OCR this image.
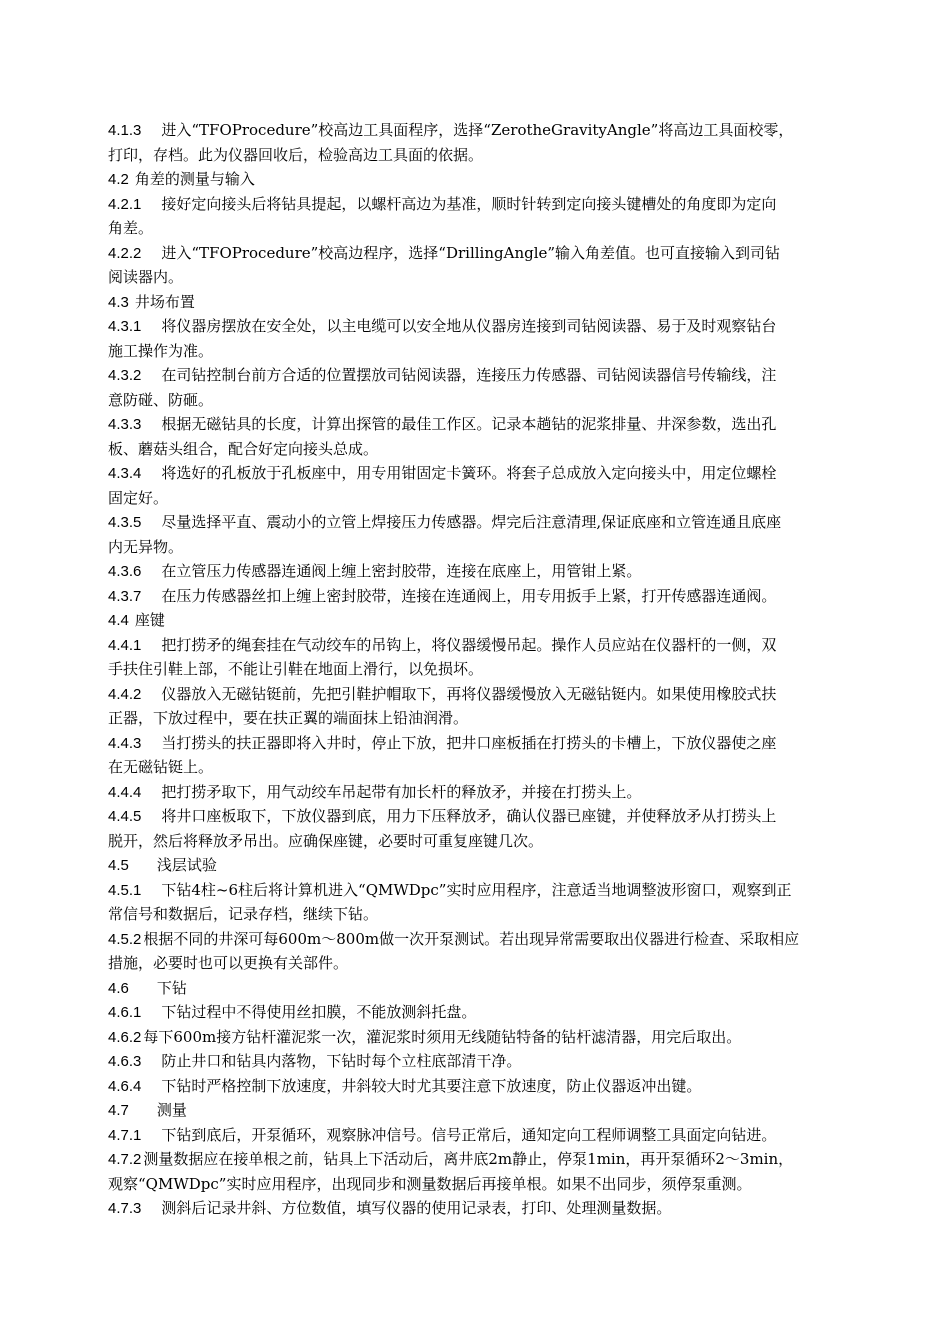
4.1.3 进入“TFOProcedure”校高边工具面程序，选择“ZerotheGravityAngle”将高边工具面校零，
打印，存档。此为仪器回收后，检验高边工具面的依据。
4.2 角差的测量与输入
4.2.1 接好定向接头后将钻具提起，以螺杆高边为基准，顺时针转到定向接头键槽处的角度即为定向
角差。
4.2.2 进入“TFOProcedure”校高边程序，选择“DrillingAngle”输入角差值。也可直接输入到司钻
阅读器内。
4.3 井场布置
4.3.1 将仪器房摆放在安全处，以主电缆可以安全地从仪器房连接到司钻阅读器、易于及时观察钻台
施工操作为准。
4.3.2 在司钻控制台前方合适的位置摆放司钻阅读器，连接压力传感器、司钻阅读器信号传输线，注
意防碰、防砸。
4.3.3 根据无磁钻具的长度，计算出探管的最佳工作区。记录本趟钻的泥浆排量、井深参数，选出孔
板、蘑菇头组合，配合好定向接头总成。
4.3.4 将选好的孔板放于孔板座中，用专用钳固定卡簧环。将套子总成放入定向接头中，用定位螺栓
固定好。
4.3.5 尽量选择平直、震动小的立管上焊接压力传感器。焊完后注意清理,保证底座和立管连通且底座
内无异物。
4.3.6 在立管压力传感器连通阀上缠上密封胶带，连接在底座上，用管钳上紧。
4.3.7 在压力传感器丝扣上缠上密封胶带，连接在连通阀上，用专用扳手上紧，打开传感器连通阀。
4.4 座键
4.4.1 把打捞矛的绳套挂在气动绞车的吊钩上，将仪器缓慢吊起。操作人员应站在仪器杆的一侧，双
手扶住引鞋上部，不能让引鞋在地面上滑行，以免损坏。
4.4.2 仪器放入无磁钻铤前，先把引鞋护帽取下，再将仪器缓慢放入无磁钻铤内。如果使用橡胶式扶
正器，下放过程中，要在扶正翼的端面抹上铅油润滑。
4.4.3 当打捞头的扶正器即将入井时，停止下放，把井口座板插在打捞头的卡槽上，下放仪器使之座
在无磁钻铤上。
4.4.4 把打捞矛取下，用气动绞车吊起带有加长杆的释放矛，并接在打捞头上。
4.4.5 将井口座板取下，下放仪器到底，用力下压释放矛，确认仪器已座键，并使释放矛从打捞头上
脱开，然后将释放矛吊出。应确保座键，必要时可重复座键几次。
4.5 浅层试验
4.5.1 下钻4柱~6柱后将计算机进入“QMWDpc”实时应用程序，注意适当地调整波形窗口，观察到正
常信号和数据后，记录存档，继续下钻。
4.5.2 根据不同的井深可每600m～800m做一次开泵测试。若出现异常需要取出仪器进行检查、采取相应
措施，必要时也可以更换有关部件。
4.6 下钻
4.6.1 下钻过程中不得使用丝扣膜，不能放测斜托盘。
4.6.2 每下600m接方钻杆灌泥浆一次，灌泥浆时须用无线随钻特备的钻杆滤清器，用完后取出。
4.6.3 防止井口和钻具内落物，下钻时每个立柱底部清干净。
4.6.4 下钻时严格控制下放速度，井斜较大时尤其要注意下放速度，防止仪器返冲出键。
4.7 测量
4.7.1 下钻到底后，开泵循环，观察脉冲信号。信号正常后，通知定向工程师调整工具面定向钻进。
4.7.2 测量数据应在接单根之前，钻具上下活动后，离井底2m静止，停泵1min，再开泵循环2～3min，
观察“QMWDpc”实时应用程序，出现同步和测量数据后再接单根。如果不出同步，须停泵重测。
4.7.3 测斜后记录井斜、方位数值，填写仪器的使用记录表，打印、处理测量数据。
